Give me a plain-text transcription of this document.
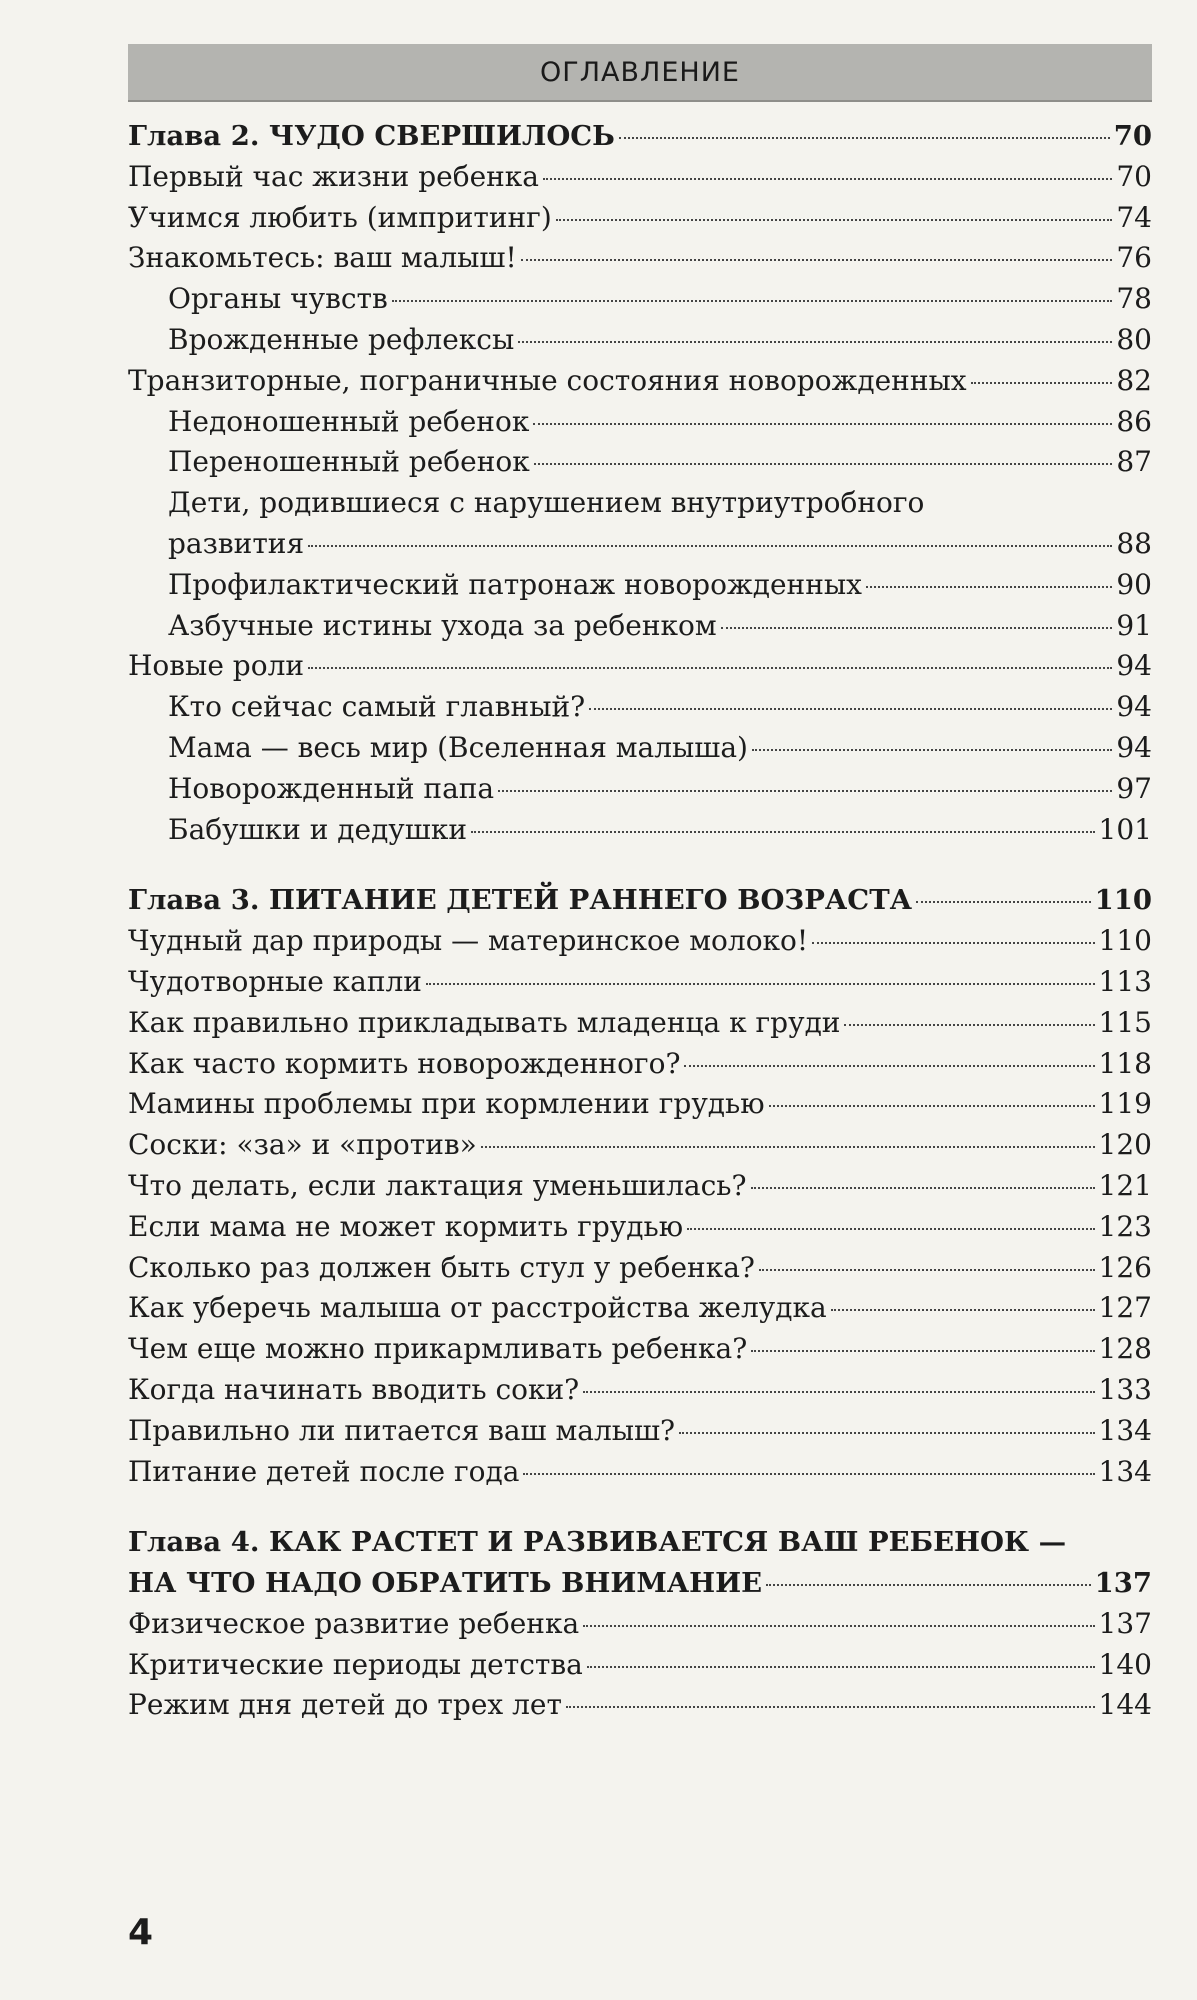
ОГЛАВЛЕНИЕ
Глава 2. ЧУДО СВЕРШИЛОСЬ	70
Первый час жизни ребенка	70
Учимся любить (импритинг)	74
Знакомьтесь: ваш малыш!	76
Органы чувств	78
Врожденные рефлексы	80
Транзиторные, пограничные состояния новорожденных	82
Недоношенный ребенок	86
Переношенный ребенок	87
Дети, родившиеся с нарушением внутриутробного
развития	88
Профилактический патронаж новорожденных	90
Азбучные истины ухода за ребенком	91
Новые роли	94
Кто сейчас самый главный?	94
Мама — весь мир (Вселенная малыша)	94
Новорожденный папа	97
Бабушки и дедушки	101
Глава 3. ПИТАНИЕ ДЕТЕЙ РАННЕГО ВОЗРАСТА	110
Чудный дар природы — материнское молоко!	110
Чудотворные капли	113
Как правильно прикладывать младенца к груди	115
Как часто кормить новорожденного?	118
Мамины проблемы при кормлении грудью	119
Соски: «за» и «против»	120
Что делать, если лактация уменьшилась?	121
Если мама не может кормить грудью	123
Сколько раз должен быть стул у ребенка?	126
Как уберечь малыша от расстройства желудка	127
Чем еще можно прикармливать ребенка?	128
Когда начинать вводить соки?	133
Правильно ли питается ваш малыш?	134
Питание детей после года	134
Глава 4. КАК РАСТЕТ И РАЗВИВАЕТСЯ ВАШ РЕБЕНОК —
НА ЧТО НАДО ОБРАТИТЬ ВНИМАНИЕ	137
Физическое развитие ребенка	137
Критические периоды детства	140
Режим дня детей до трех лет	144
4
